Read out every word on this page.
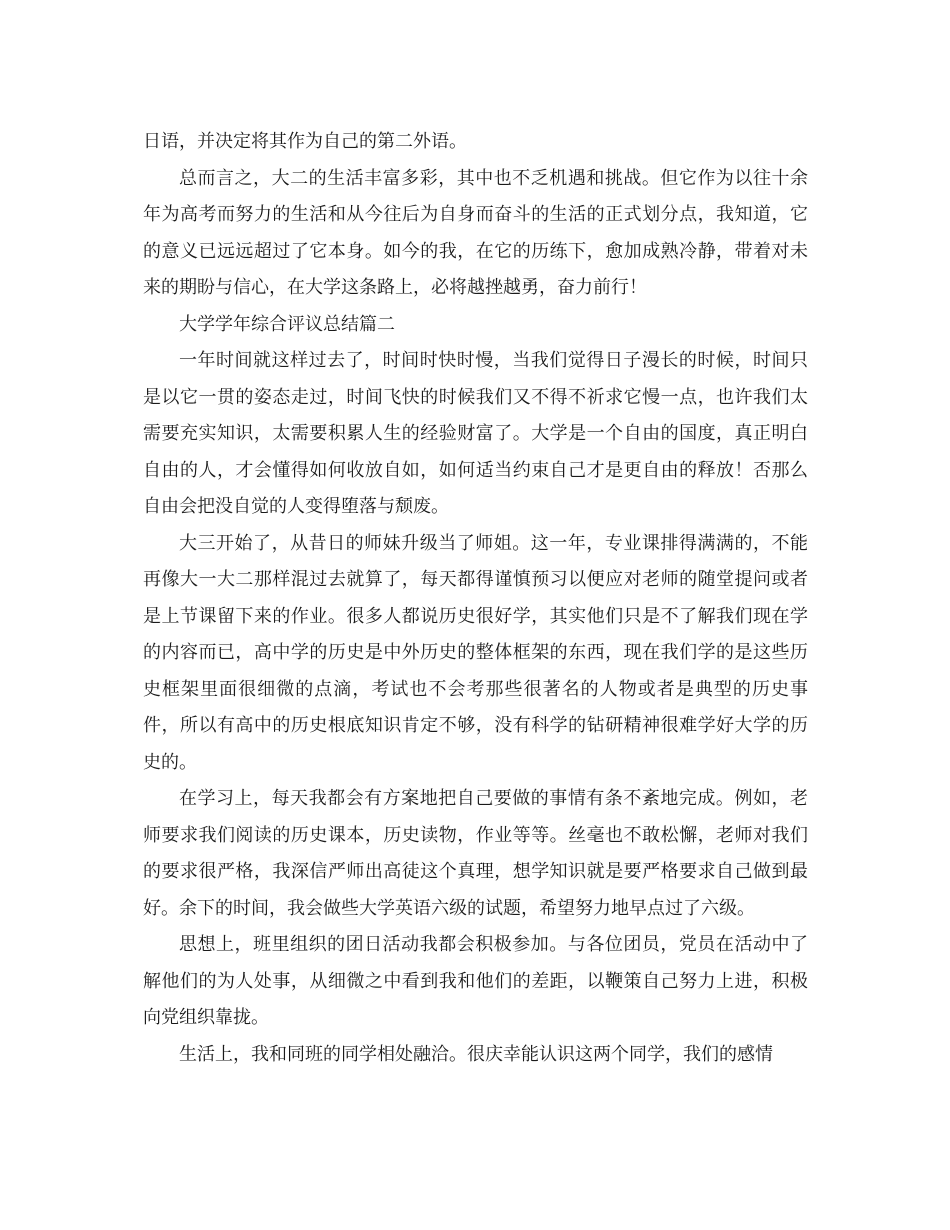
日语，并决定将其作为自己的第二外语。

总而言之，大二的生活丰富多彩，其中也不乏机遇和挑战。但它作为以往十余年为高考而努力的生活和从今往后为自身而奋斗的生活的正式划分点，我知道，它的意义已远远超过了它本身。如今的我，在它的历练下，愈加成熟冷静，带着对未来的期盼与信心，在大学这条路上，必将越挫越勇，奋力前行！

大学学年综合评议总结篇二

一年时间就这样过去了，时间时快时慢，当我们觉得日子漫长的时候，时间只是以它一贯的姿态走过，时间飞快的时候我们又不得不祈求它慢一点，也许我们太需要充实知识，太需要积累人生的经验财富了。大学是一个自由的国度，真正明白自由的人，才会懂得如何收放自如，如何适当约束自己才是更自由的释放！否那么自由会把没自觉的人变得堕落与颓废。

大三开始了，从昔日的师妹升级当了师姐。这一年，专业课排得满满的，不能再像大一大二那样混过去就算了，每天都得谨慎预习以便应对老师的随堂提问或者是上节课留下来的作业。很多人都说历史很好学，其实他们只是不了解我们现在学的内容而已，高中学的历史是中外历史的整体框架的东西，现在我们学的是这些历史框架里面很细微的点滴，考试也不会考那些很著名的人物或者是典型的历史事件，所以有高中的历史根底知识肯定不够，没有科学的钻研精神很难学好大学的历史的。

在学习上，每天我都会有方案地把自己要做的事情有条不紊地完成。例如，老师要求我们阅读的历史课本，历史读物，作业等等。丝毫也不敢松懈，老师对我们的要求很严格，我深信严师出高徒这个真理，想学知识就是要严格要求自己做到最好。余下的时间，我会做些大学英语六级的试题，希望努力地早点过了六级。

思想上，班里组织的团日活动我都会积极参加。与各位团员，党员在活动中了解他们的为人处事，从细微之中看到我和他们的差距，以鞭策自己努力上进，积极向党组织靠拢。

生活上，我和同班的同学相处融洽。很庆幸能认识这两个同学，我们的感情
